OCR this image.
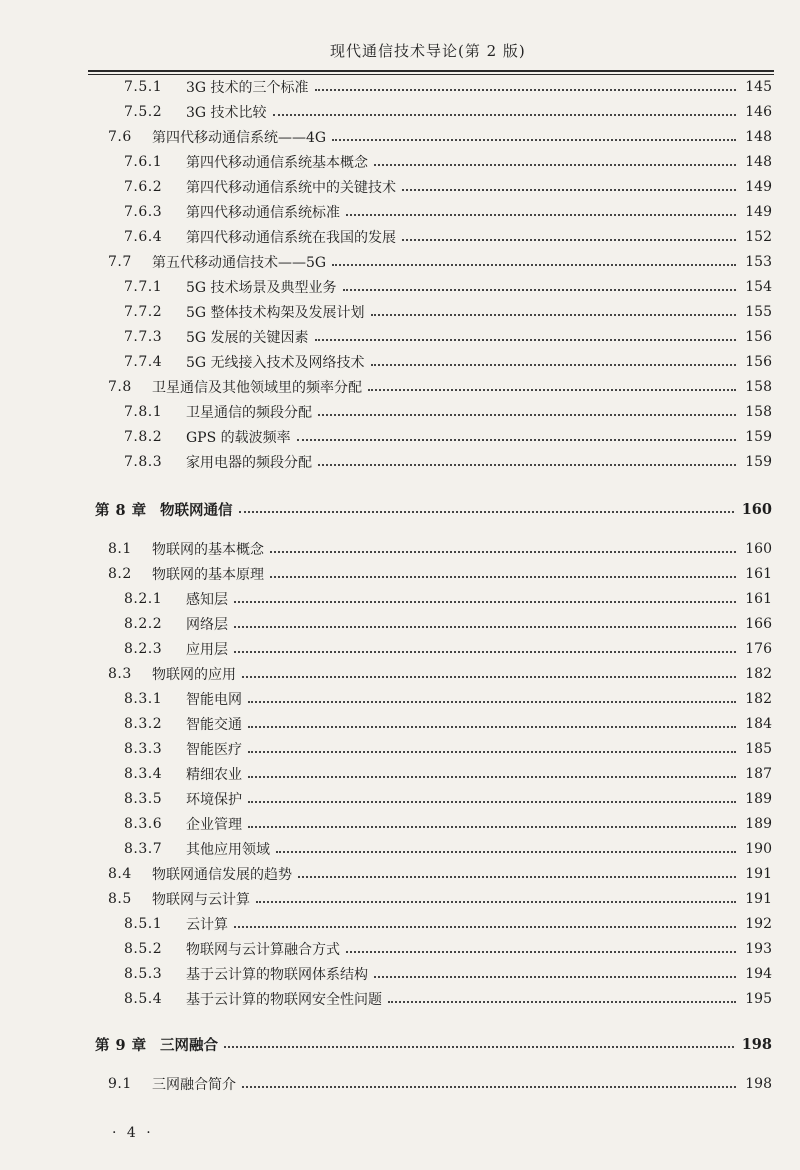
现代通信技术导论(第 2 版)
7.5.1	3G 技术的三个标准	145
7.5.2	3G 技术比较	146
7.6	第四代移动通信系统——4G	148
7.6.1	第四代移动通信系统基本概念	148
7.6.2	第四代移动通信系统中的关键技术	149
7.6.3	第四代移动通信系统标准	149
7.6.4	第四代移动通信系统在我国的发展	152
7.7	第五代移动通信技术——5G	153
7.7.1	5G 技术场景及典型业务	154
7.7.2	5G 整体技术构架及发展计划	155
7.7.3	5G 发展的关键因素	156
7.7.4	5G 无线接入技术及网络技术	156
7.8	卫星通信及其他领域里的频率分配	158
7.8.1	卫星通信的频段分配	158
7.8.2	GPS 的载波频率	159
7.8.3	家用电器的频段分配	159
第 8 章 物联网通信	160
8.1	物联网的基本概念	160
8.2	物联网的基本原理	161
8.2.1	感知层	161
8.2.2	网络层	166
8.2.3	应用层	176
8.3	物联网的应用	182
8.3.1	智能电网	182
8.3.2	智能交通	184
8.3.3	智能医疗	185
8.3.4	精细农业	187
8.3.5	环境保护	189
8.3.6	企业管理	189
8.3.7	其他应用领域	190
8.4	物联网通信发展的趋势	191
8.5	物联网与云计算	191
8.5.1	云计算	192
8.5.2	物联网与云计算融合方式	193
8.5.3	基于云计算的物联网体系结构	194
8.5.4	基于云计算的物联网安全性问题	195
第 9 章 三网融合	198
9.1	三网融合简介	198
· 4 ·
